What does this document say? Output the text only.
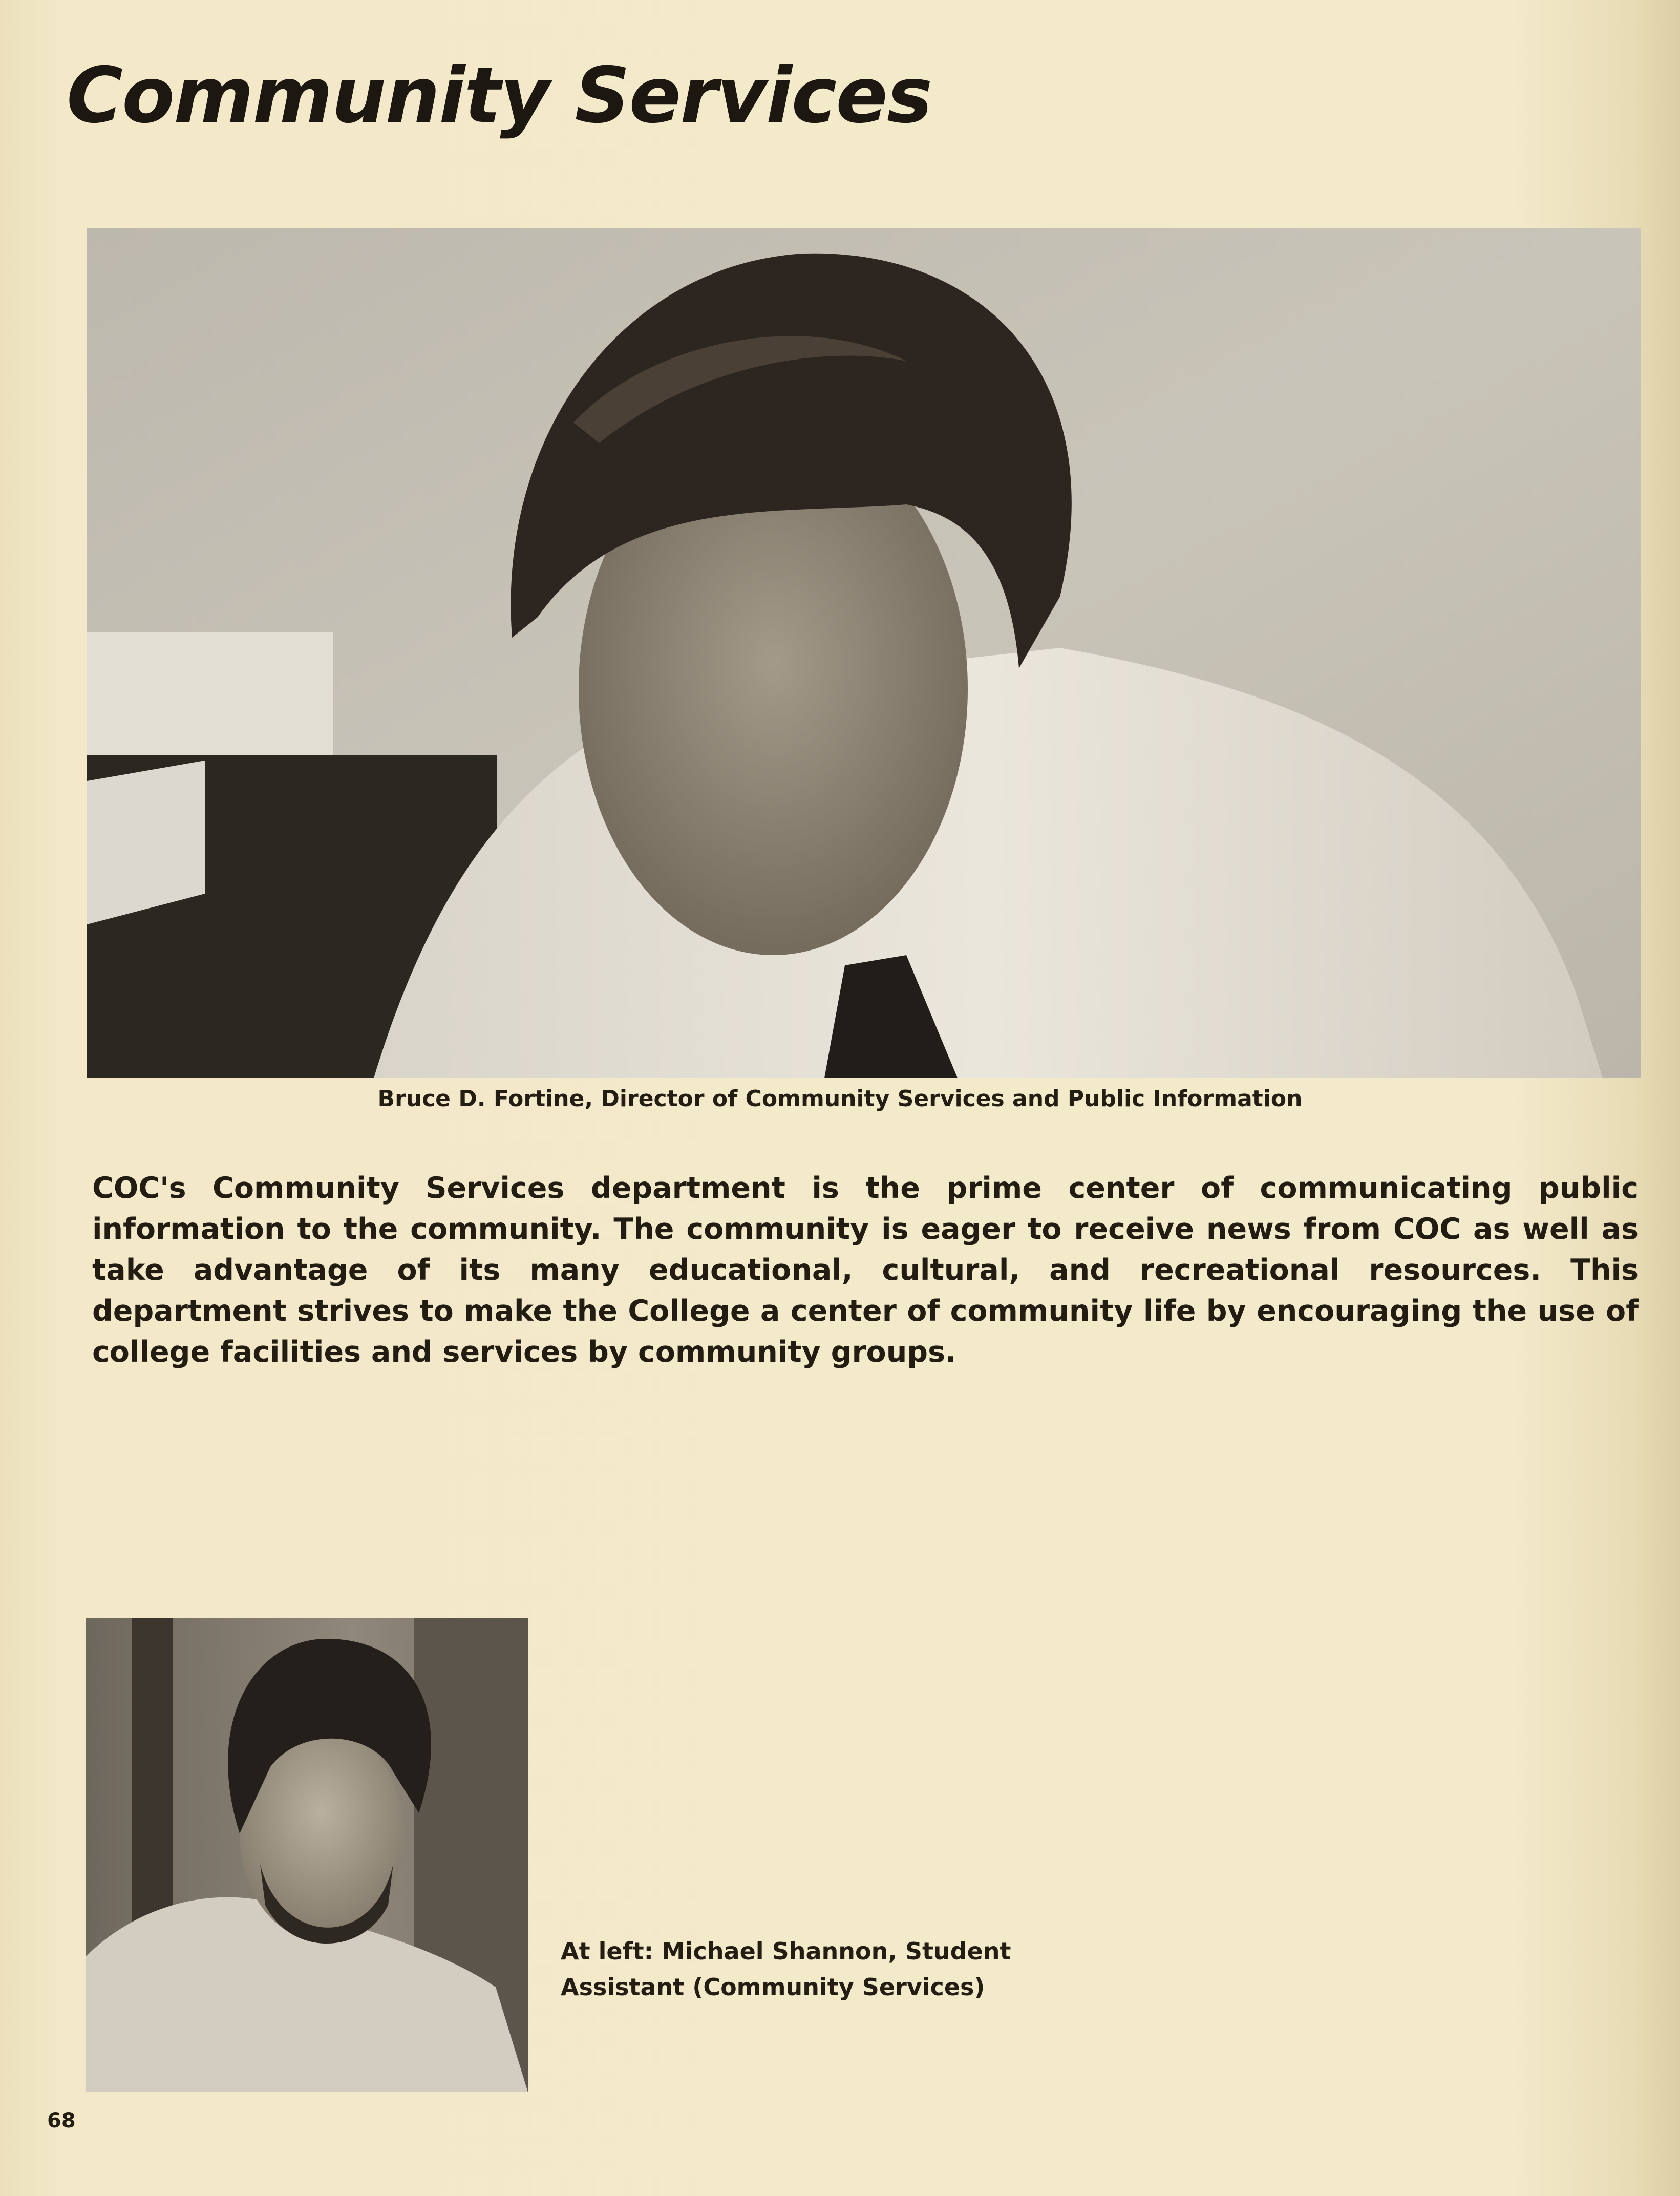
Community Services
Bruce D. Fortine, Director of Community Services and Public Information

COC's Community Services department is the prime center of communicating public information to the community. The community is eager to receive news from COC as well as take advantage of its many educational, cultural, and recreational resources. This department strives to make the College a center of community life by encouraging the use of college facilities and services by community groups.

At left: Michael Shannon, Student Assistant (Community Services)

68
